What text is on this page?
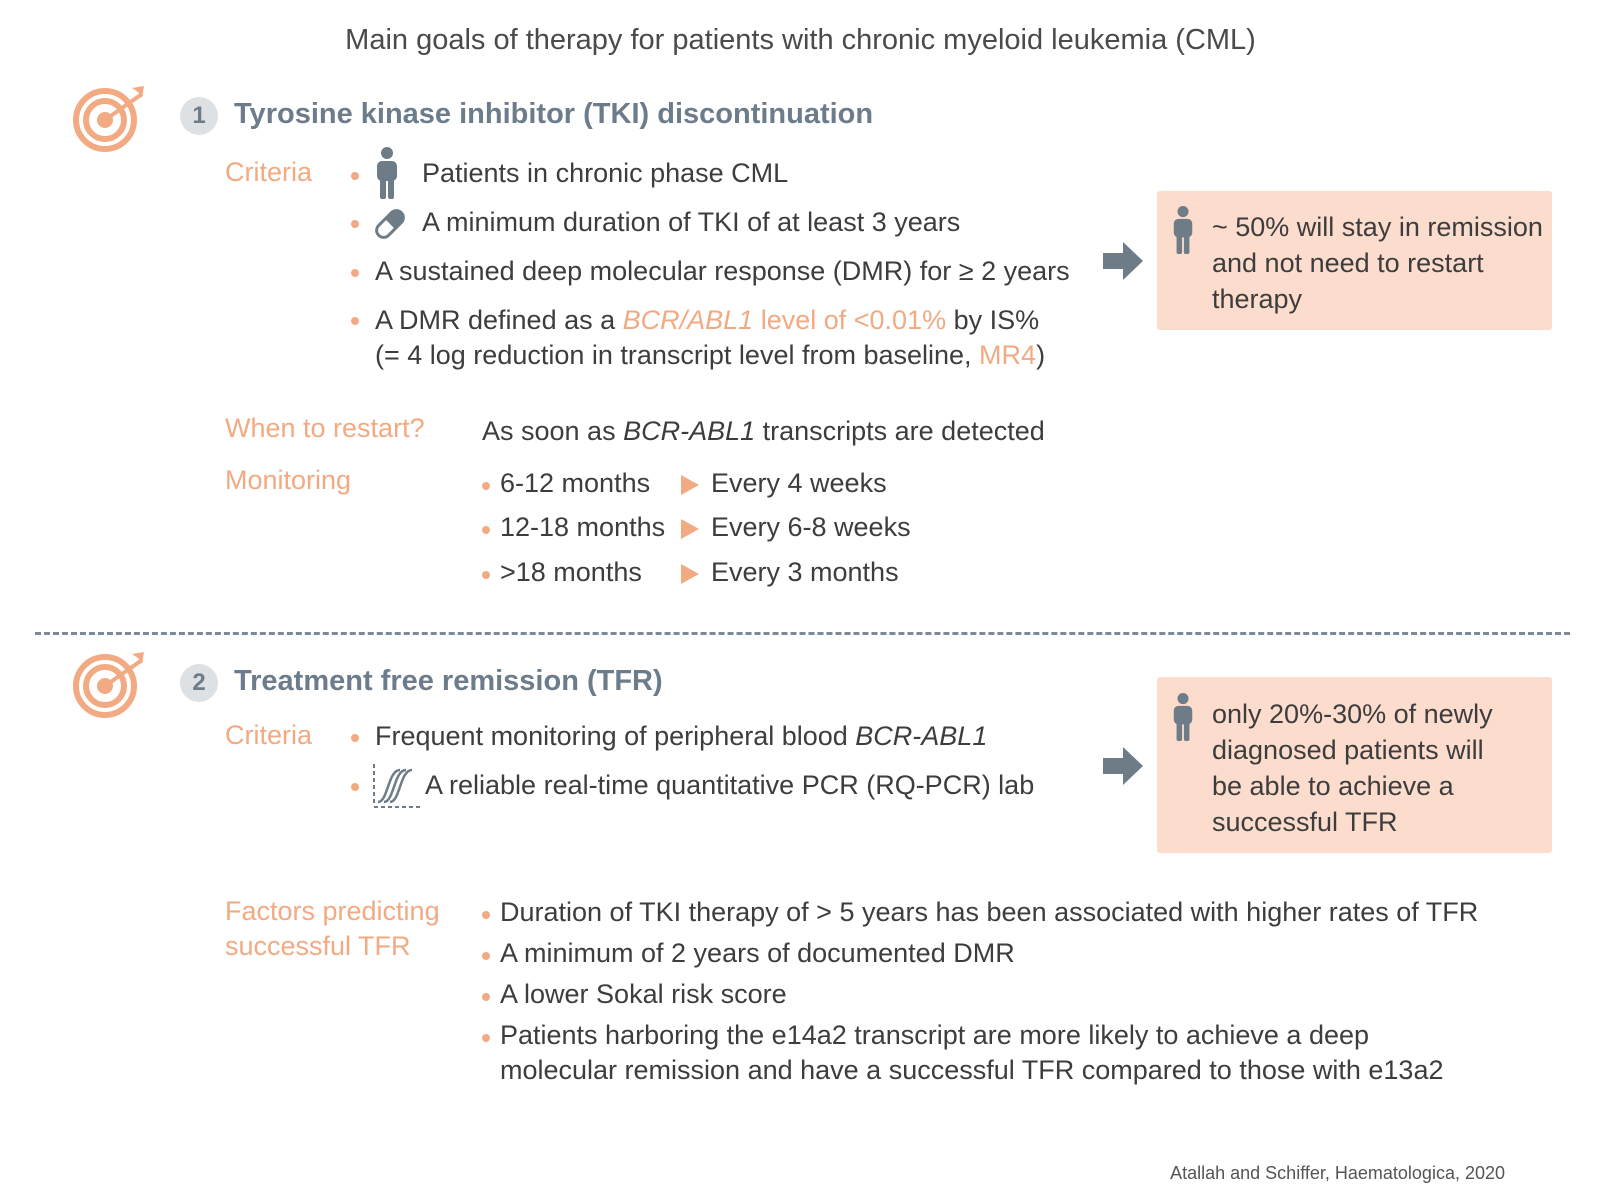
Main goals of therapy for patients with chronic myeloid leukemia (CML)
1 Tyrosine kinase inhibitor (TKI) discontinuation
Criteria	Patients in chronic phase CML
A minimum duration of TKI of at least 3 years
A sustained deep molecular response (DMR) for ≥ 2 years
A DMR defined as a BCR/ABL1 level of <0.01% by IS%
(= 4 log reduction in transcript level from baseline, MR4)
~ 50% will stay in remission and not need to restart therapy
When to restart? As soon as BCR-ABL1 transcripts are detected
Monitoring	6-12 months Every 4 weeks
12-18 months Every 6-8 weeks
>18 months	Every 3 months
2 Treatment free remission (TFR)
Criteria Frequent monitoring of peripheral blood BCR-ABL1
A reliable real-time quantitative PCR (RQ-PCR) lab
only 20%-30% of newly diagnosed patients will be able to achieve a successful TFR
Factors predicting
successful TFR
Duration of TKI therapy of > 5 years has been associated with higher rates of TFR
A minimum of 2 years of documented DMR
A lower Sokal risk score
Patients harboring the e14a2 transcript are more likely to achieve a deep
molecular remission and have a successful TFR compared to those with e13a2
Atallah and Schiffer, Haematologica, 2020
